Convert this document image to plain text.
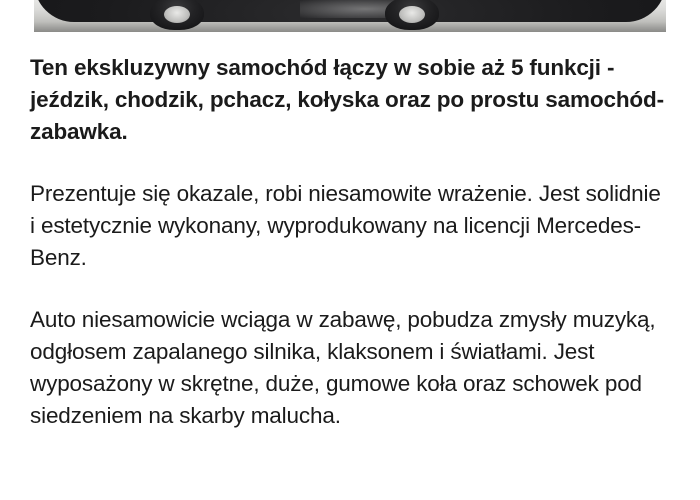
Ten ekskluzywny samochód łączy w sobie aż 5 funkcji - jeździk, chodzik, pchacz, kołyska oraz po prostu samochód-zabawka.

Prezentuje się okazale, robi niesamowite wrażenie. Jest solidnie i estetycznie wykonany, wyprodukowany na licencji Mercedes-Benz.

Auto niesamowicie wciąga w zabawę, pobudza zmysły muzyką, odgłosem zapalanego silnika, klaksonem i światłami. Jest wyposażony w skrętne, duże, gumowe koła oraz schowek pod siedzeniem na skarby malucha.
